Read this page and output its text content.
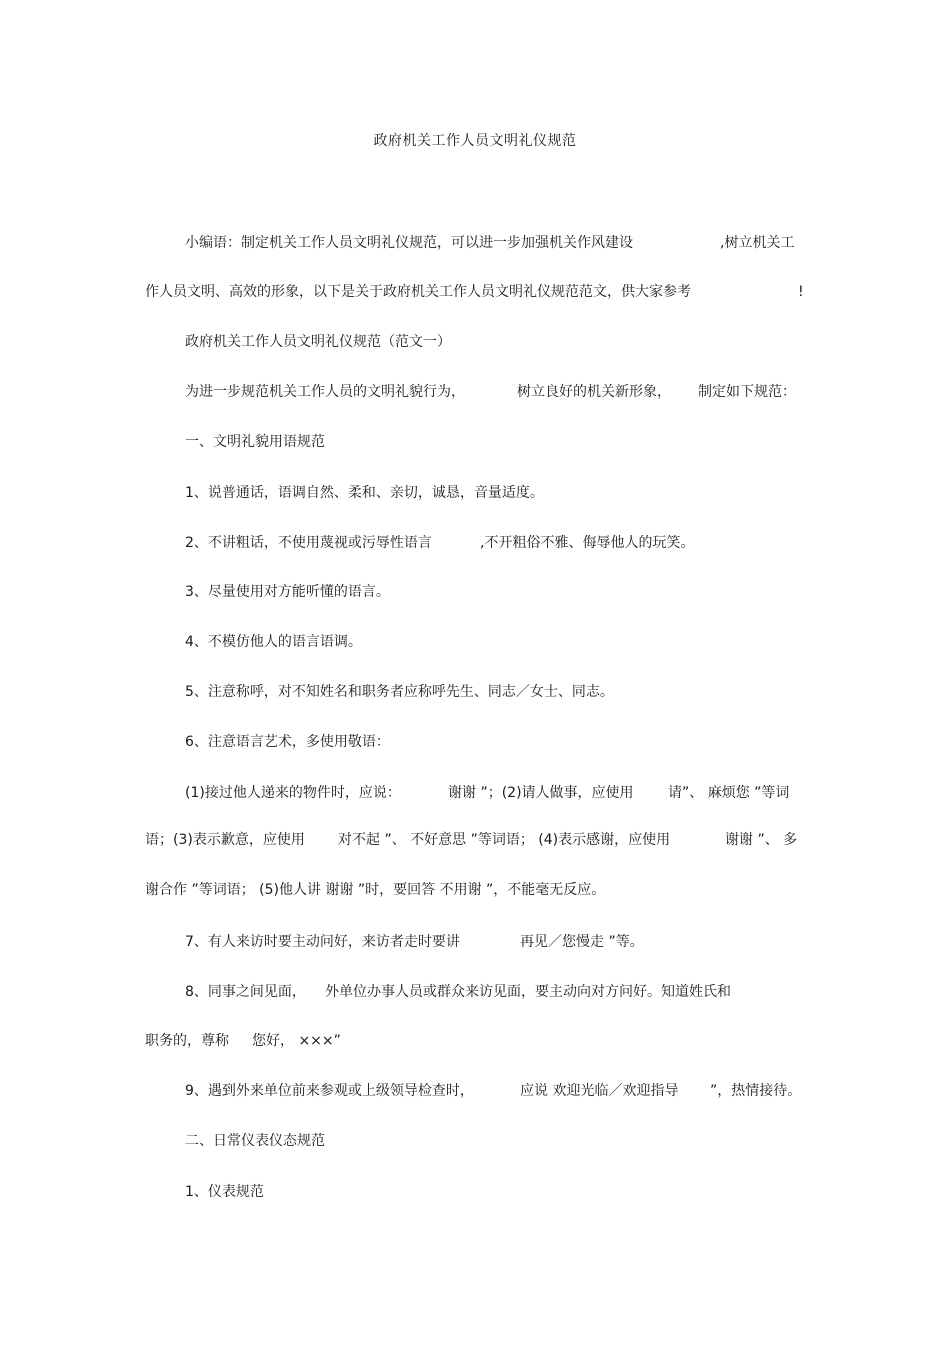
政府机关工作人员文明礼仪规范
小编语：制定机关工作人员文明礼仪规范，可以进一步加强机关作风建设	,树立机关工
作人员文明、高效的形象，以下是关于政府机关工作人员文明礼仪规范范文，供大家参考	!
政府机关工作人员文明礼仪规范（范文一）
为进一步规范机关工作人员的文明礼貌行为，	树立良好的机关新形象， 制定如下规范：
一、文明礼貌用语规范
1、说普通话，语调自然、柔和、亲切，诚恳，音量适度。
2、不讲粗话，不使用蔑视或污辱性语言	,不开粗俗不雅、侮辱他人的玩笑。
3、尽量使用对方能听懂的语言。
4、不模仿他人的语言语调。
5、注意称呼，对不知姓名和职务者应称呼先生、同志／女士、同志。
6、注意语言艺术，多使用敬语：
(1)接过他人递来的物件时，应说：	谢谢 ”；(2)请人做事，应使用 请”、 麻烦您 ”等词
语；(3)表示歉意，应使用 对不起 ”、 不好意思 ”等词语； (4)表示感谢，应使用	谢谢 ”、 多
谢合作 ”等词语； (5)他人讲 谢谢 ”时，要回答 不用谢 ”，不能毫无反应。
7、有人来访时要主动问好，来访者走时要讲	再见／您慢走 ”等。
8、同事之间见面， 外单位办事人员或群众来访见面，要主动向对方问好。知道姓氏和
职务的，尊称 您好， ×××”
9、遇到外来单位前来参观或上级领导检查时，	应说 欢迎光临／欢迎指导 ”，热情接待。
二、日常仪表仪态规范
1、仪表规范
